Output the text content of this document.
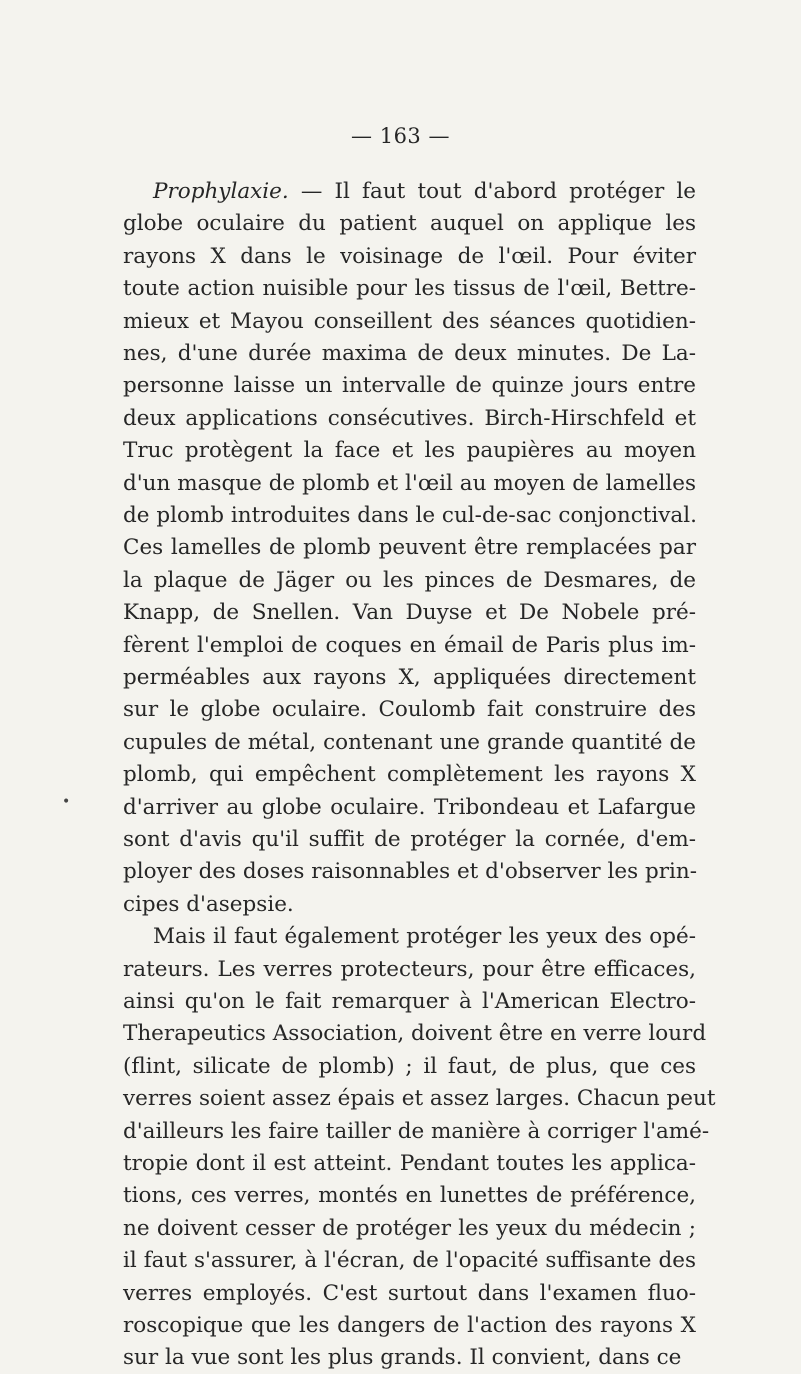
— 163 —
•
Prophylaxie. — Il faut tout d'abord protéger le
globe oculaire du patient auquel on applique les
rayons X dans le voisinage de l'œil. Pour éviter
toute action nuisible pour les tissus de l'œil, Bettre-
mieux et Mayou conseillent des séances quotidien-
nes, d'une durée maxima de deux minutes. De La-
personne laisse un intervalle de quinze jours entre
deux applications consécutives. Birch-Hirschfeld et
Truc protègent la face et les paupières au moyen
d'un masque de plomb et l'œil au moyen de lamelles
de plomb introduites dans le cul-de-sac conjonctival.
Ces lamelles de plomb peuvent être remplacées par
la plaque de Jäger ou les pinces de Desmares, de
Knapp, de Snellen. Van Duyse et De Nobele pré-
fèrent l'emploi de coques en émail de Paris plus im-
perméables aux rayons X, appliquées directement
sur le globe oculaire. Coulomb fait construire des
cupules de métal, contenant une grande quantité de
plomb, qui empêchent complètement les rayons X
d'arriver au globe oculaire. Tribondeau et Lafargue
sont d'avis qu'il suffit de protéger la cornée, d'em-
ployer des doses raisonnables et d'observer les prin-
cipes d'asepsie.
Mais il faut également protéger les yeux des opé-
rateurs. Les verres protecteurs, pour être efficaces,
ainsi qu'on le fait remarquer à l'American Electro-
Therapeutics Association, doivent être en verre lourd
(flint, silicate de plomb) ; il faut, de plus, que ces
verres soient assez épais et assez larges. Chacun peut
d'ailleurs les faire tailler de manière à corriger l'amé-
tropie dont il est atteint. Pendant toutes les applica-
tions, ces verres, montés en lunettes de préférence,
ne doivent cesser de protéger les yeux du médecin ;
il faut s'assurer, à l'écran, de l'opacité suffisante des
verres employés. C'est surtout dans l'examen fluo-
roscopique que les dangers de l'action des rayons X
sur la vue sont les plus grands. Il convient, dans ce
